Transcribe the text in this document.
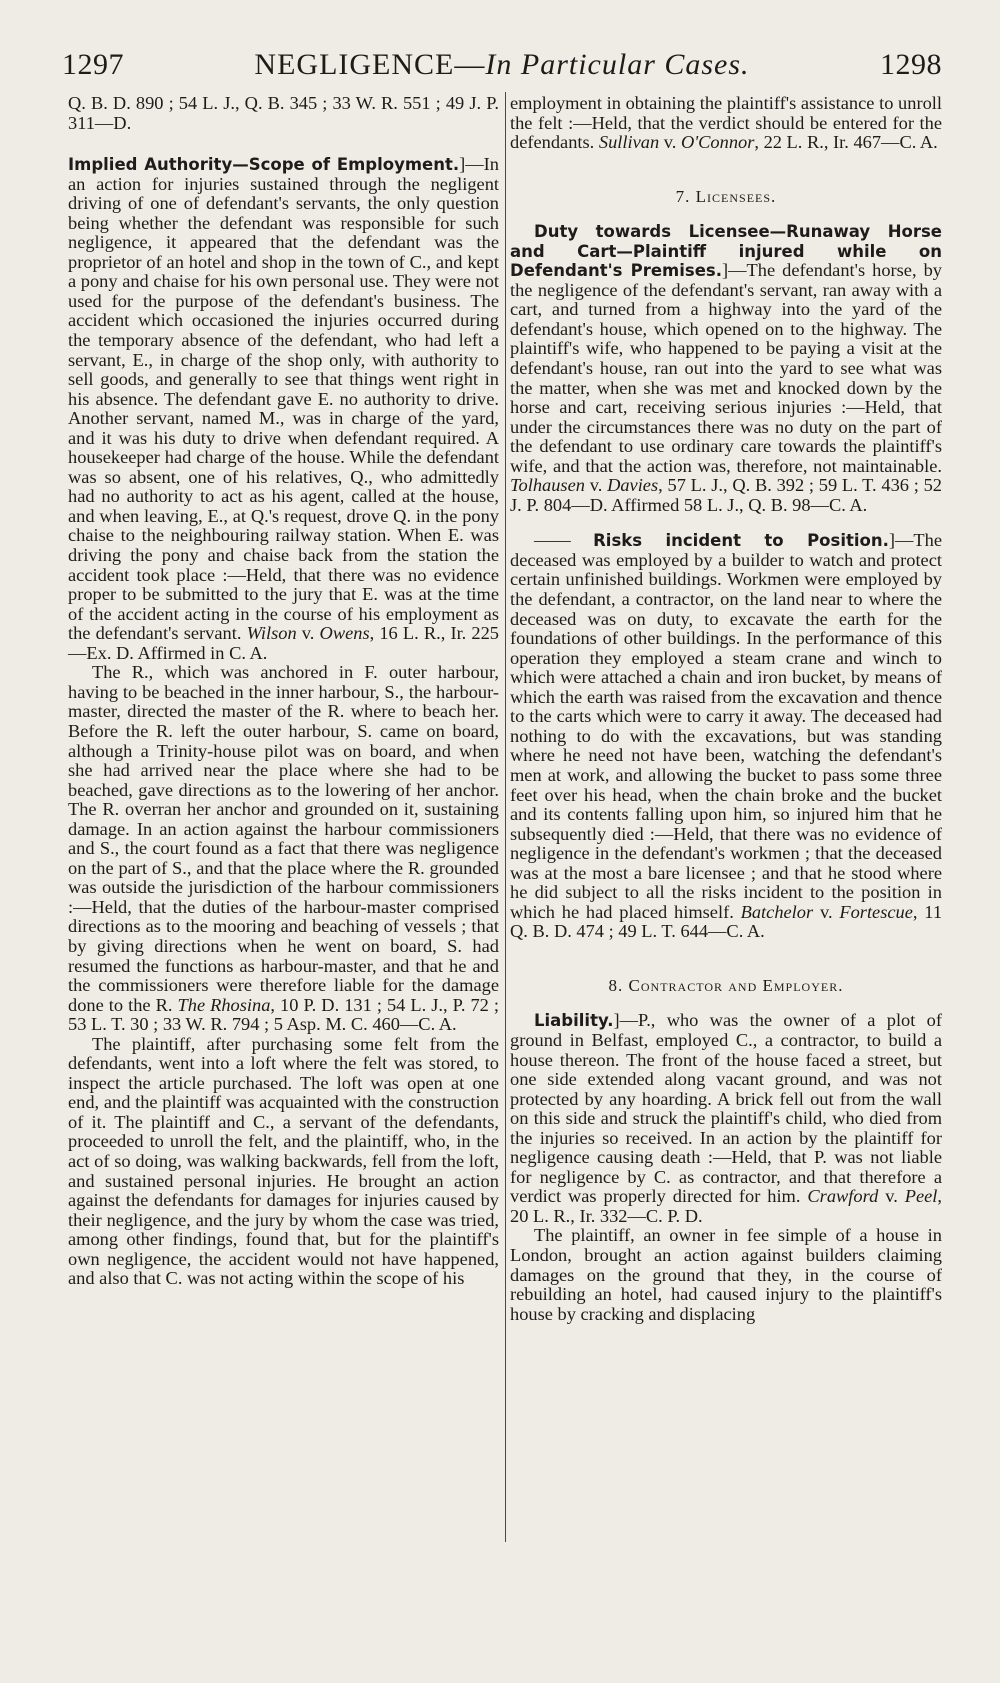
1297	NEGLIGENCE—In Particular Cases.	1298

Q. B. D. 890 ; 54 L. J., Q. B. 345 ; 33 W. R. 551 ; 49 J. P. 311—D.

Implied Authority—Scope of Employment.]—In an action for injuries sustained through the negligent driving of one of defendant's servants, the only question being whether the defendant was responsible for such negligence, it appeared that the defendant was the proprietor of an hotel and shop in the town of C., and kept a pony and chaise for his own personal use. They were not used for the purpose of the defendant's business. The accident which occasioned the injuries occurred during the temporary absence of the defendant, who had left a servant, E., in charge of the shop only, with authority to sell goods, and generally to see that things went right in his absence. The defendant gave E. no authority to drive. Another servant, named M., was in charge of the yard, and it was his duty to drive when defendant required. A housekeeper had charge of the house. While the defendant was so absent, one of his relatives, Q., who admittedly had no authority to act as his agent, called at the house, and when leaving, E., at Q.'s request, drove Q. in the pony chaise to the neighbouring railway station. When E. was driving the pony and chaise back from the station the accident took place :—Held, that there was no evidence proper to be submitted to the jury that E. was at the time of the accident acting in the course of his employment as the defendant's servant. Wilson v. Owens, 16 L. R., Ir. 225—Ex. D. Affirmed in C. A.

The R., which was anchored in F. outer harbour, having to be beached in the inner harbour, S., the harbour-master, directed the master of the R. where to beach her. Before the R. left the outer harbour, S. came on board, although a Trinity-house pilot was on board, and when she had arrived near the place where she had to be beached, gave directions as to the lowering of her anchor. The R. overran her anchor and grounded on it, sustaining damage. In an action against the harbour commissioners and S., the court found as a fact that there was negligence on the part of S., and that the place where the R. grounded was outside the jurisdiction of the harbour commissioners :—Held, that the duties of the harbour-master comprised directions as to the mooring and beaching of vessels ; that by giving directions when he went on board, S. had resumed the functions as harbour-master, and that he and the commissioners were therefore liable for the damage done to the R. The Rhosina, 10 P. D. 131 ; 54 L. J., P. 72 ; 53 L. T. 30 ; 33 W. R. 794 ; 5 Asp. M. C. 460—C. A.

The plaintiff, after purchasing some felt from the defendants, went into a loft where the felt was stored, to inspect the article purchased. The loft was open at one end, and the plaintiff was acquainted with the construction of it. The plaintiff and C., a servant of the defendants, proceeded to unroll the felt, and the plaintiff, who, in the act of so doing, was walking backwards, fell from the loft, and sustained personal injuries. He brought an action against the defendants for damages for injuries caused by their negligence, and the jury by whom the case was tried, among other findings, found that, but for the plaintiff's own negligence, the accident would not have happened, and also that C. was not acting within the scope of his

employment in obtaining the plaintiff's assistance to unroll the felt :—Held, that the verdict should be entered for the defendants. Sullivan v. O'Connor, 22 L. R., Ir. 467—C. A.

7. Licensees.

Duty towards Licensee—Runaway Horse and Cart—Plaintiff injured while on Defendant's Premises.]—The defendant's horse, by the negligence of the defendant's servant, ran away with a cart, and turned from a highway into the yard of the defendant's house, which opened on to the highway. The plaintiff's wife, who happened to be paying a visit at the defendant's house, ran out into the yard to see what was the matter, when she was met and knocked down by the horse and cart, receiving serious injuries :—Held, that under the circumstances there was no duty on the part of the defendant to use ordinary care towards the plaintiff's wife, and that the action was, therefore, not maintainable. Tolhausen v. Davies, 57 L. J., Q. B. 392 ; 59 L. T. 436 ; 52 J. P. 804—D. Affirmed 58 L. J., Q. B. 98—C. A.

—— Risks incident to Position.]—The deceased was employed by a builder to watch and protect certain unfinished buildings. Workmen were employed by the defendant, a contractor, on the land near to where the deceased was on duty, to excavate the earth for the foundations of other buildings. In the performance of this operation they employed a steam crane and winch to which were attached a chain and iron bucket, by means of which the earth was raised from the excavation and thence to the carts which were to carry it away. The deceased had nothing to do with the excavations, but was standing where he need not have been, watching the defendant's men at work, and allowing the bucket to pass some three feet over his head, when the chain broke and the bucket and its contents falling upon him, so injured him that he subsequently died :—Held, that there was no evidence of negligence in the defendant's workmen ; that the deceased was at the most a bare licensee ; and that he stood where he did subject to all the risks incident to the position in which he had placed himself. Batchelor v. Fortescue, 11 Q. B. D. 474 ; 49 L. T. 644—C. A.

8. Contractor and Employer.

Liability.]—P., who was the owner of a plot of ground in Belfast, employed C., a contractor, to build a house thereon. The front of the house faced a street, but one side extended along vacant ground, and was not protected by any hoarding. A brick fell out from the wall on this side and struck the plaintiff's child, who died from the injuries so received. In an action by the plaintiff for negligence causing death :—Held, that P. was not liable for negligence by C. as contractor, and that therefore a verdict was properly directed for him. Crawford v. Peel, 20 L. R., Ir. 332—C. P. D.

The plaintiff, an owner in fee simple of a house in London, brought an action against builders claiming damages on the ground that they, in the course of rebuilding an hotel, had caused injury to the plaintiff's house by cracking and displacing
